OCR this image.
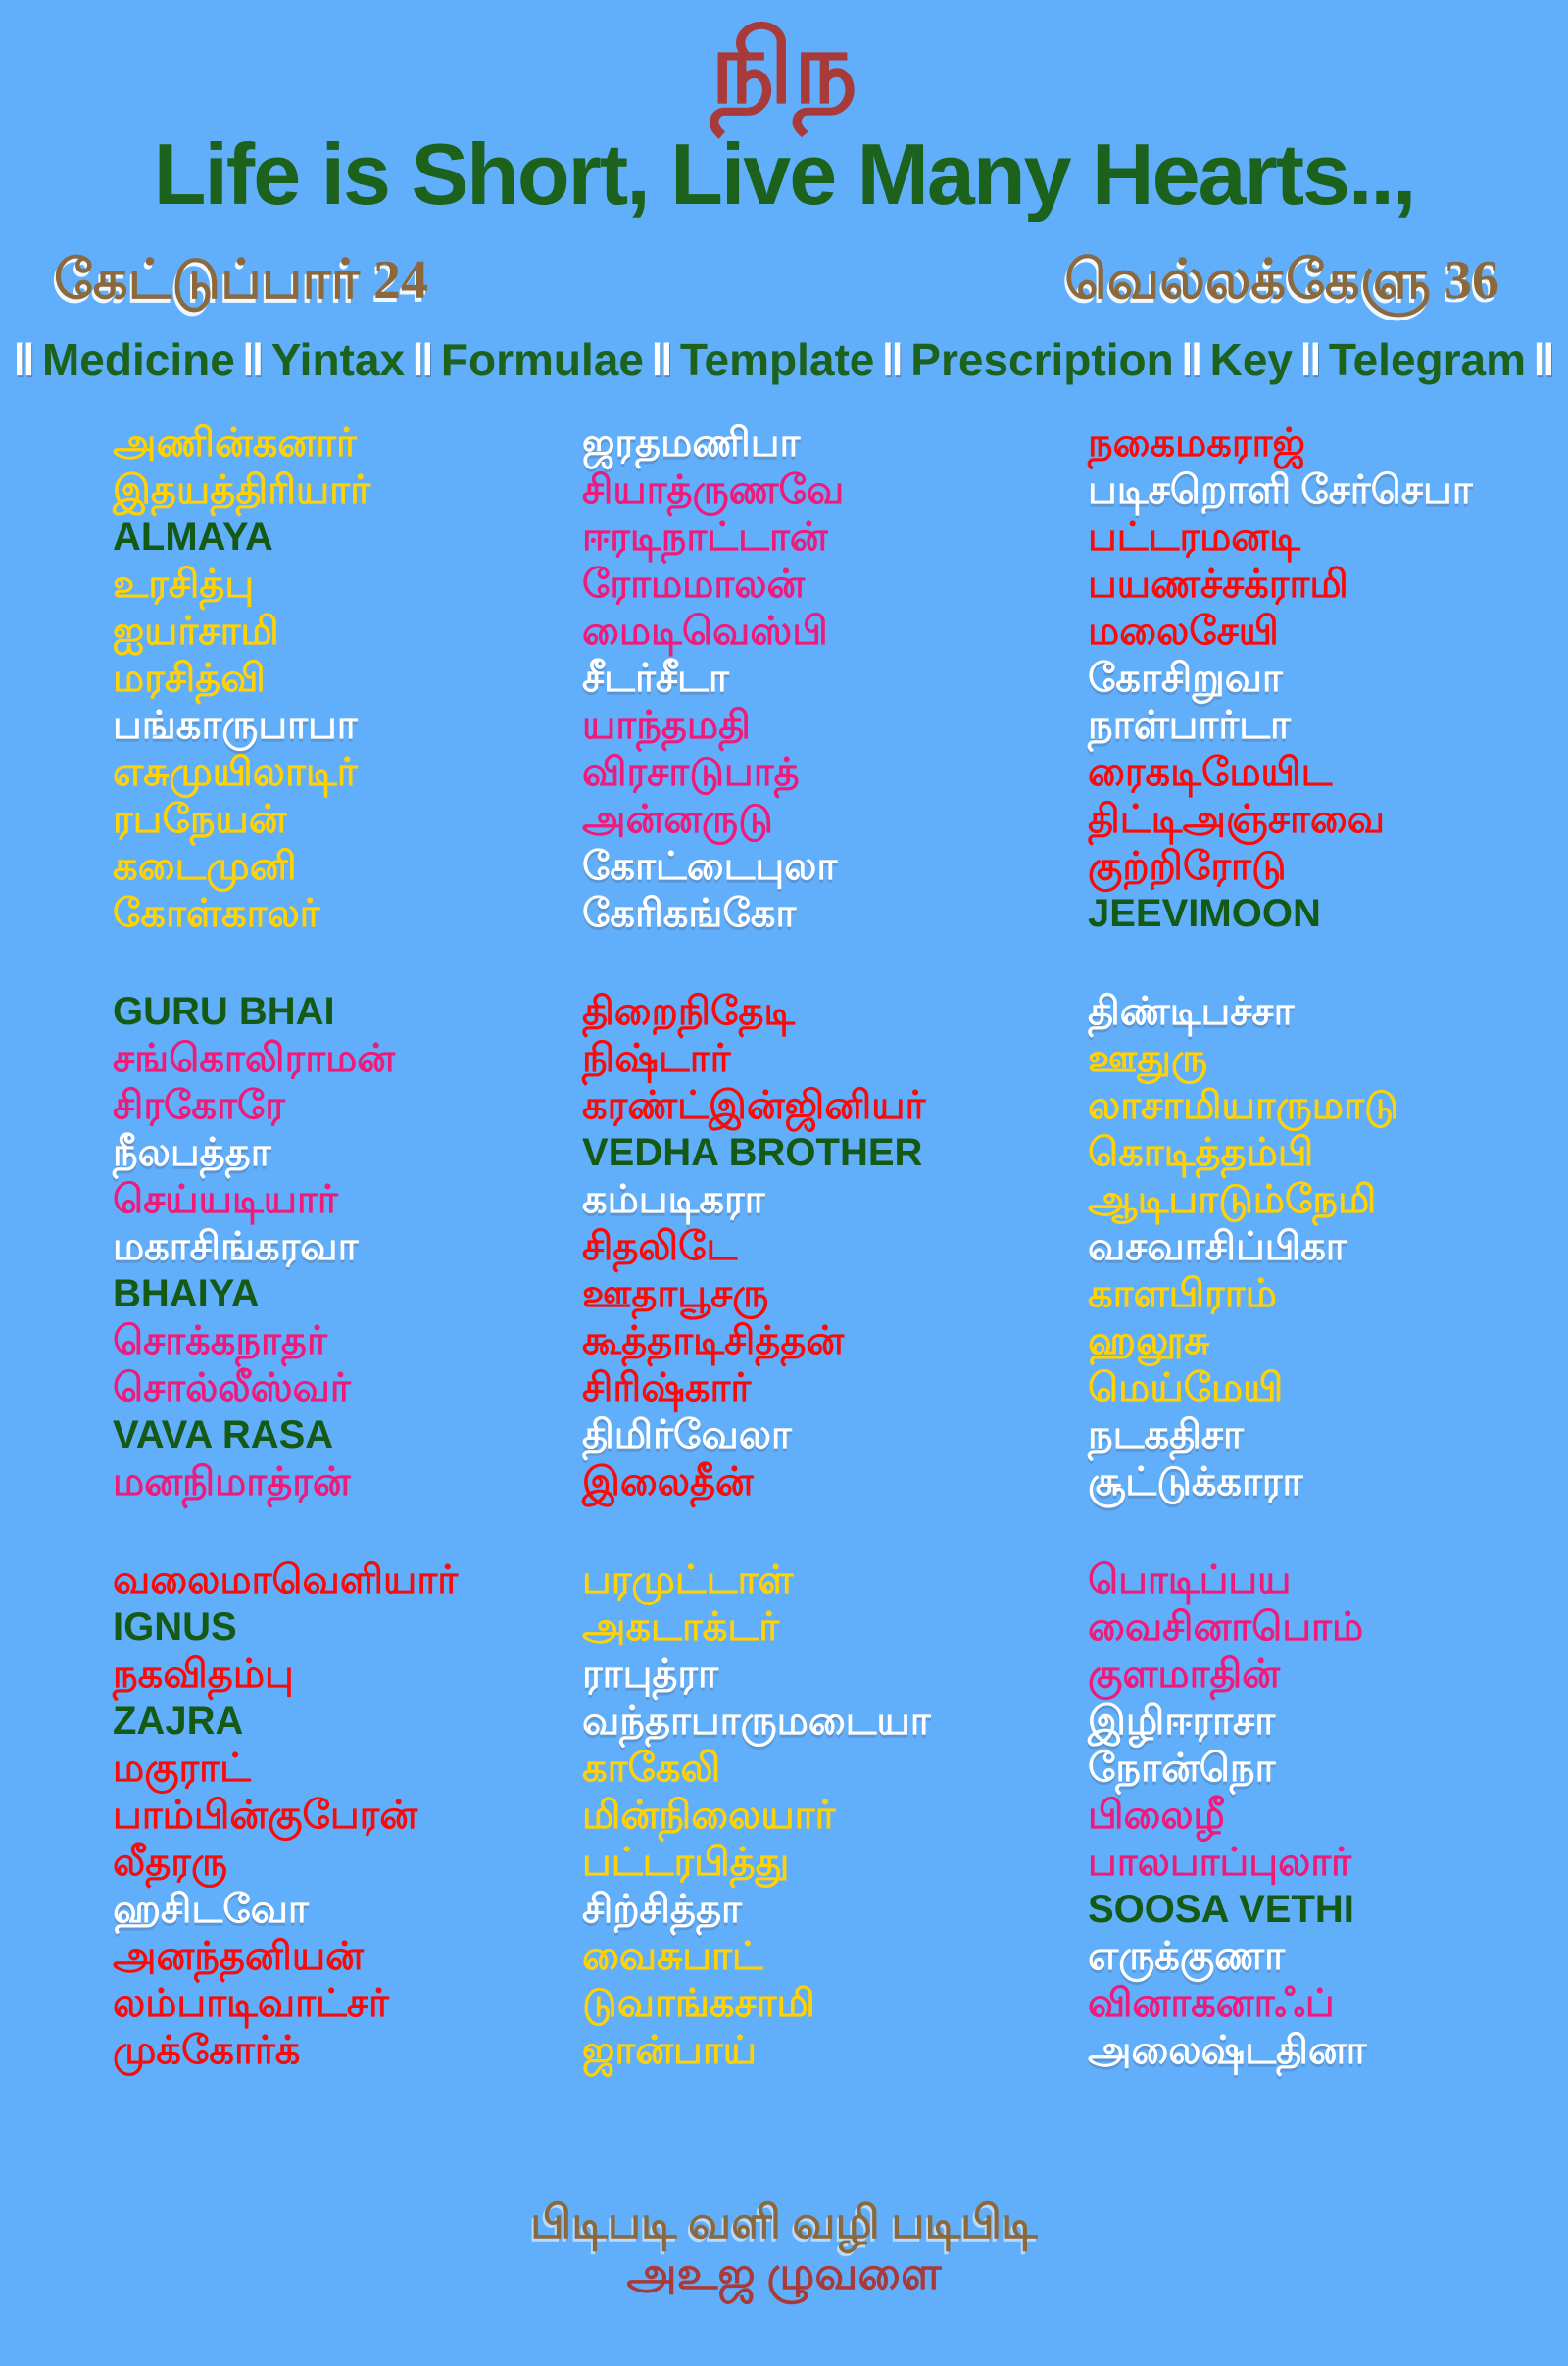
நிந
Life is Short, Live Many Hearts..,
கேட்டுப்பார் 24	வெல்லக்கேளு 36
‖ Medicine ‖ Yintax ‖ Formulae ‖ Template ‖ Prescription ‖ Key ‖ Telegram ‖
அணின்கனார்
இதயத்திரியார்
ALMAYA
உரசித்பு
ஐயர்சாமி
மரசித்வி
பங்காருபாபா
எசுமுயிலாடிர்
ரபநேயன்
கடைமுனி
கோள்காலர்
GURU BHAI
சங்கொலிராமன்
சிரகோரே
நீலபத்தா
செய்யடியார்
மகாசிங்கரவா
BHAIYA
சொக்கநாதர்
சொல்லீஸ்வர்
VAVA RASA
மனநிமாத்ரன்
வலைமாவெளியார்
IGNUS
நகவிதம்பு
ZAJRA
மகுராட்
பாம்பின்குபேரன்
லீதரரு
ஹசிடவோ
அனந்தனியன்
லம்பாடிவாட்சர்
முக்கோர்க்
ஜரதமணிபா
சியாத்ருணவே
ஈரடிநாட்டான்
ரோமமாலன்
மைடிவெஸ்பி
சீடர்சீடா
யாந்தமதி
விரசாடுபாத்
அன்னருடு
கோட்டைபுலா
கேரிகங்கோ
திறைநிதேடி
நிஷ்டார்
கரண்ட்இன்ஜினியர்
VEDHA BROTHER
கம்படிகரா
சிதலிடே
ஊதாபூசரு
கூத்தாடிசித்தன்
சிரிஷ்கார்
திமிர்வேலா
இலைதீன்
பரமுட்டாள்
அகடாக்டர்
ராபுத்ரா
வந்தாபாருமடையா
காகேலி
மின்நிலையார்
பட்டரபித்து
சிற்சித்தா
வைசுபாட்
டுவாங்கசாமி
ஜான்பாய்
நகைமகராஜ்
படிசறொளி சேர்செபா
பட்டரமனடி
பயணச்சக்ராமி
மலைசேயி
கோசிறுவா
நாள்பார்டா
ரைகடிமேயிட
திட்டிஅஞ்சாவை
குற்றிரோடு
JEEVIMOON
திண்டிபச்சா
ஊதுரு
லாசாமியாருமாடு
கொடித்தம்பி
ஆடிபாடும்நேமி
வசவாசிப்பிகா
காளபிராம்
ஹலூசு
மெய்மேயி
நடகதிசா
சூட்டுக்காரா
பொடிப்பய
வைசினாபொம்
குளமாதின்
இழிஈராசா
நோன்நொ
பிலைழீ
பாலபாப்புலார்
SOOSA VETHI
எருக்குணா
வினாகனாஃப்
அலைஷ்டதினா
பிடிபடி வளி வழி படிபிடி
அஉஜ ழுவளை
